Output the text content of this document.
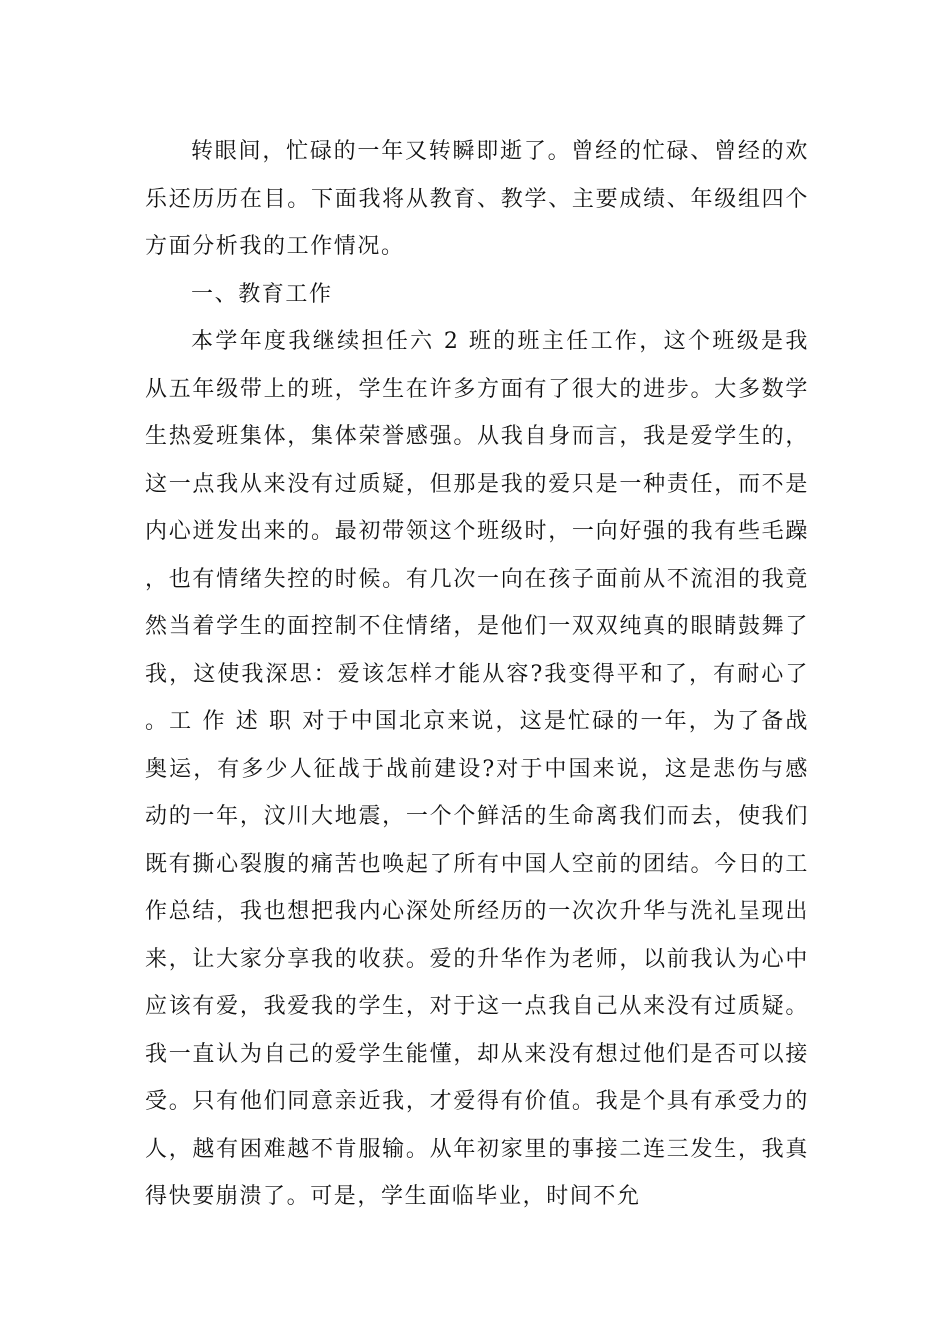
转眼间，忙碌的一年又转瞬即逝了。曾经的忙碌、曾经的欢乐还历历在目。下面我将从教育、教学、主要成绩、年级组四个方面分析我的工作情况。

一、教育工作

本学年度我继续担任六 2 班的班主任工作，这个班级是我从五年级带上的班，学生在许多方面有了很大的进步。大多数学生热爱班集体，集体荣誉感强。从我自身而言，我是爱学生的，这一点我从来没有过质疑，但那是我的爱只是一种责任，而不是内心迸发出来的。最初带领这个班级时，一向好强的我有些毛躁，也有情绪失控的时候。有几次一向在孩子面前从不流泪的我竟然当着学生的面控制不住情绪，是他们一双双纯真的眼睛鼓舞了我，这使我深思：爱该怎样才能从容?我变得平和了，有耐心了。工 作 述 职 对于中国北京来说，这是忙碌的一年，为了备战奥运，有多少人征战于战前建设?对于中国来说，这是悲伤与感动的一年，汶川大地震，一个个鲜活的生命离我们而去，使我们既有撕心裂腹的痛苦也唤起了所有中国人空前的团结。今日的工作总结，我也想把我内心深处所经历的一次次升华与洗礼呈现出来，让大家分享我的收获。爱的升华作为老师，以前我认为心中应该有爱，我爱我的学生，对于这一点我自己从来没有过质疑。我一直认为自己的爱学生能懂，却从来没有想过他们是否可以接受。只有他们同意亲近我，才爱得有价值。我是个具有承受力的人，越有困难越不肯服输。从年初家里的事接二连三发生，我真得快要崩溃了。可是，学生面临毕业，时间不允
